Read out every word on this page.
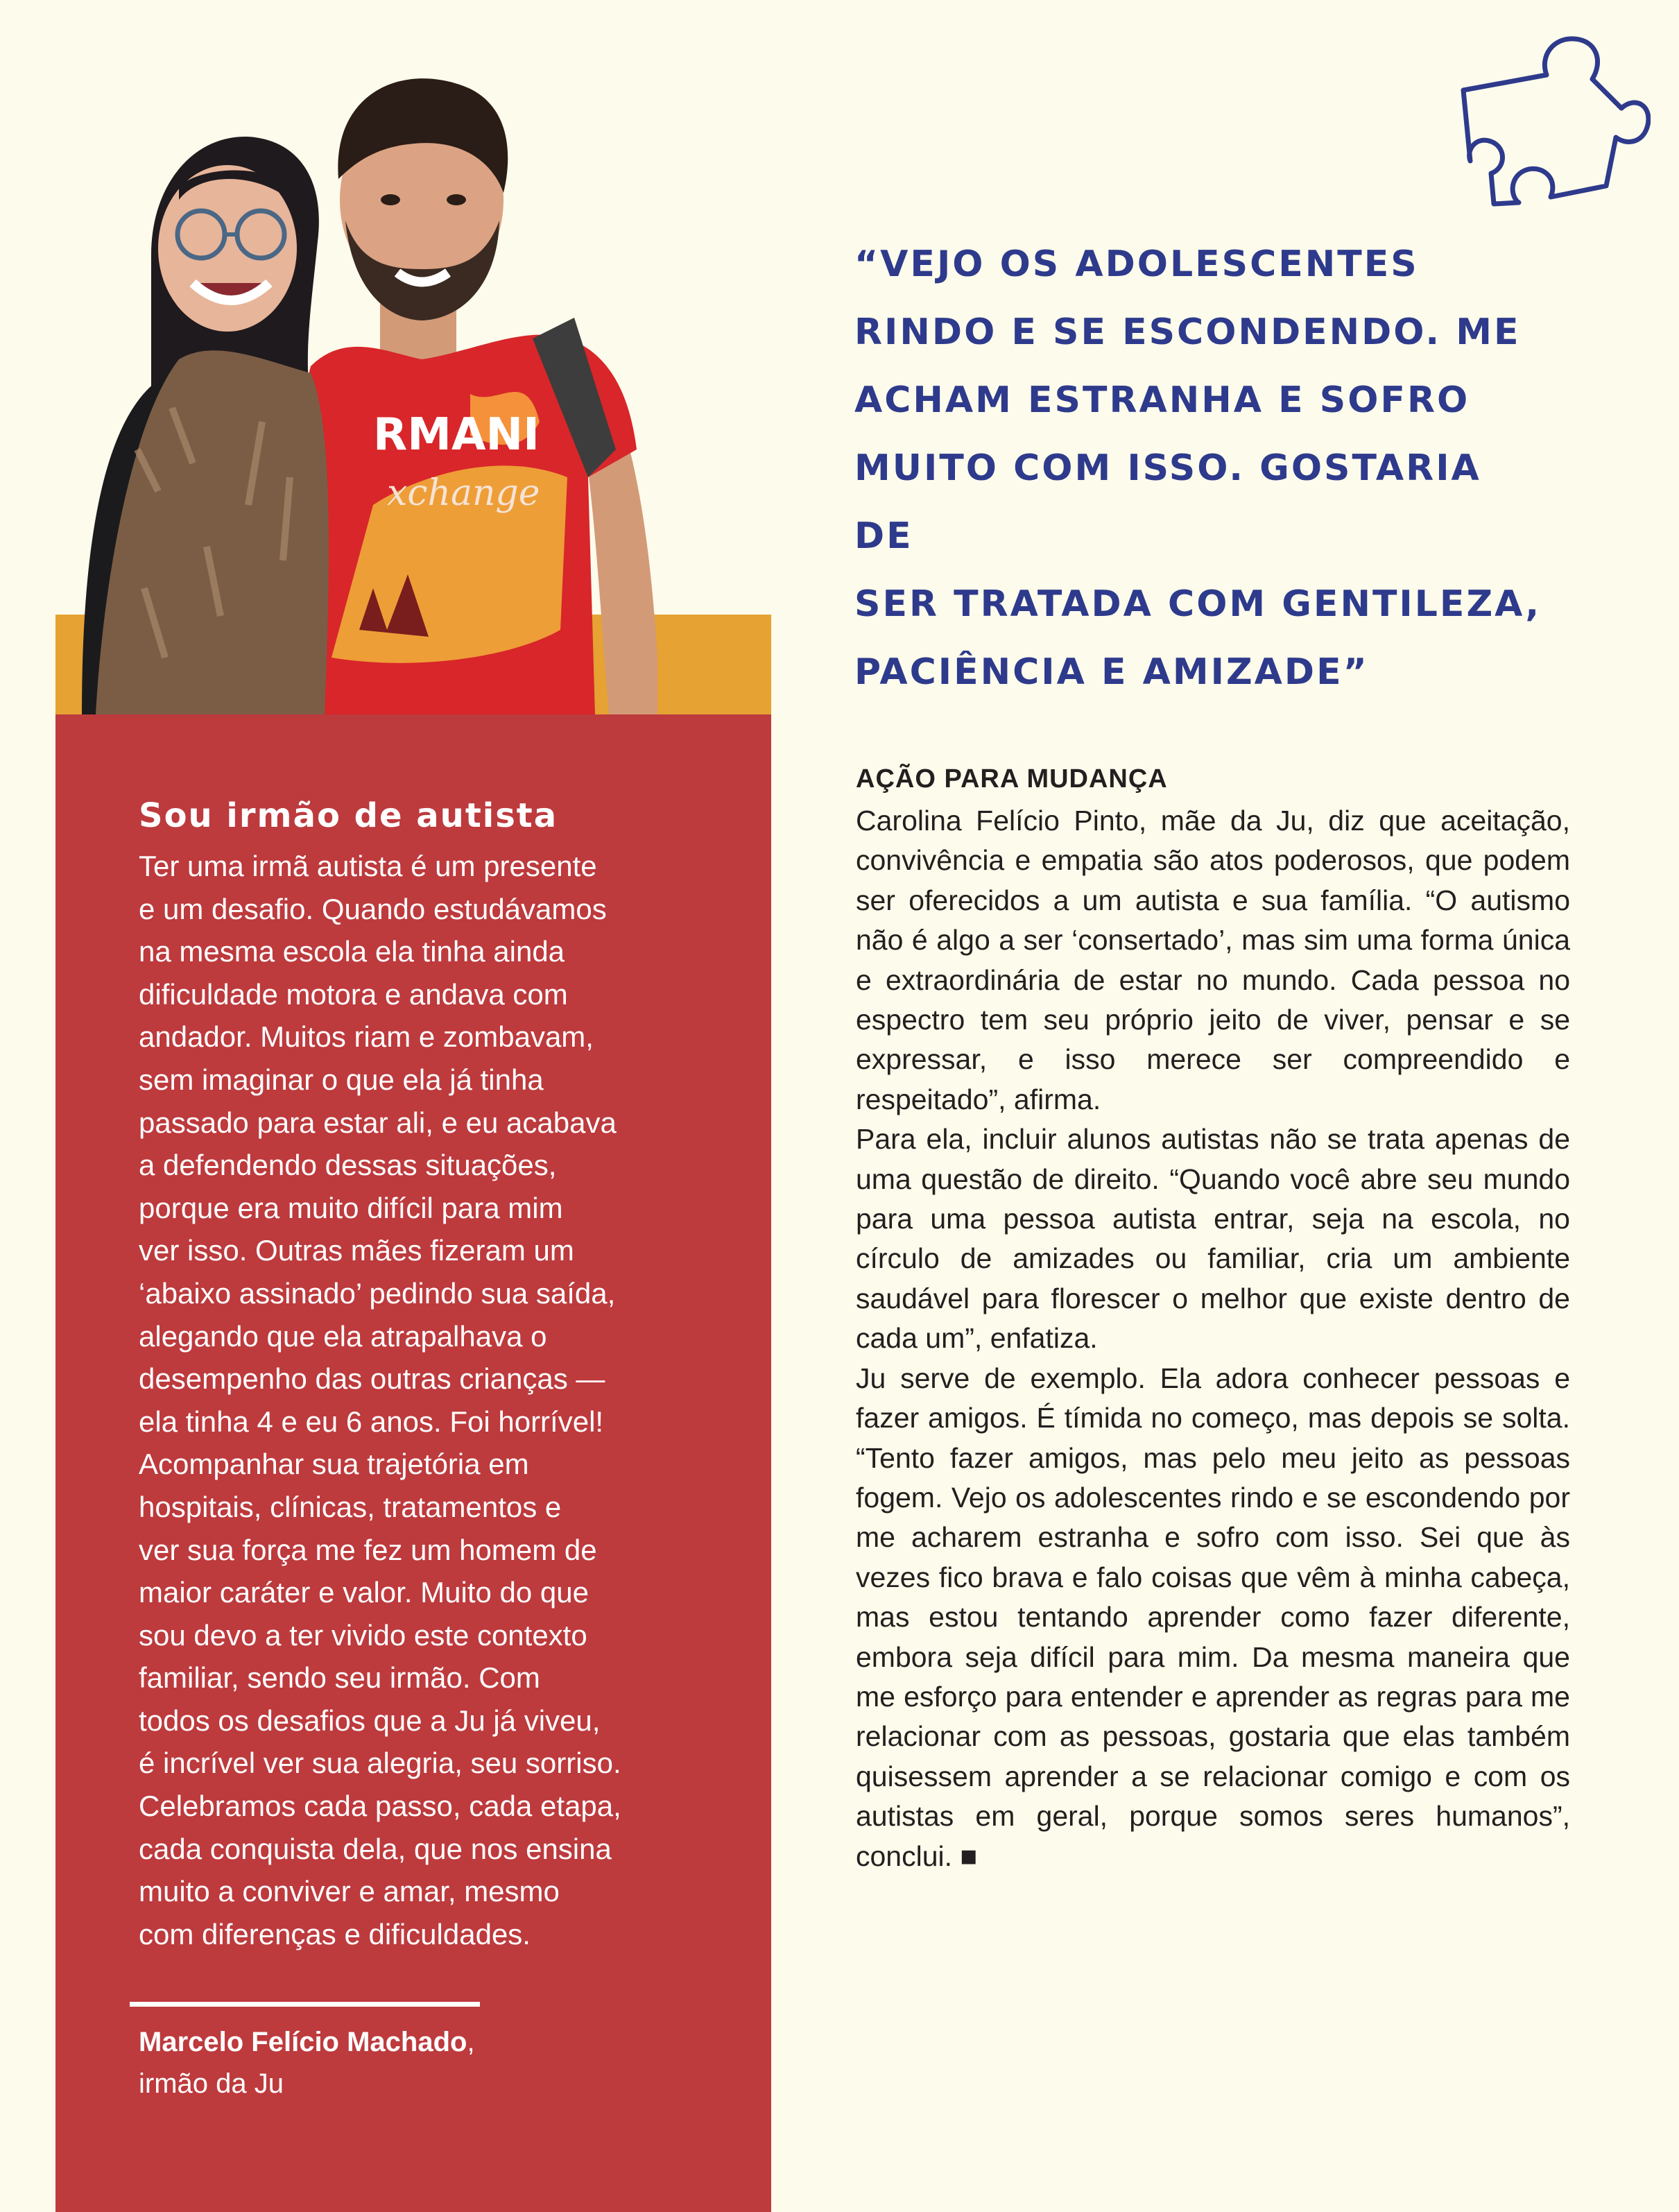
“VEJO OS ADOLESCENTES
RINDO E SE ESCONDENDO. ME
ACHAM ESTRANHA E SOFRO
MUITO COM ISSO. GOSTARIA DE
SER TRATADA COM GENTILEZA,
PACIÊNCIA E AMIZADE”
RMANI
xchange
Sou irmão de autista
Ter uma irmã autista é um presente
e um desafio. Quando estudávamos
na mesma escola ela tinha ainda
dificuldade motora e andava com
andador. Muitos riam e zombavam,
sem imaginar o que ela já tinha
passado para estar ali, e eu acabava
a defendendo dessas situações,
porque era muito difícil para mim
ver isso. Outras mães fizeram um
‘abaixo assinado’ pedindo sua saída,
alegando que ela atrapalhava o
desempenho das outras crianças —
ela tinha 4 e eu 6 anos. Foi horrível!
Acompanhar sua trajetória em
hospitais, clínicas, tratamentos e
ver sua força me fez um homem de
maior caráter e valor. Muito do que
sou devo a ter vivido este contexto
familiar, sendo seu irmão. Com
todos os desafios que a Ju já viveu,
é incrível ver sua alegria, seu sorriso.
Celebramos cada passo, cada etapa,
cada conquista dela, que nos ensina
muito a conviver e amar, mesmo
com diferenças e dificuldades.
Marcelo Felício Machado,
irmão da Ju
AÇÃO PARA MUDANÇA

Carolina Felício Pinto, mãe da Ju, diz que aceitação, convivência e empatia são atos poderosos, que podem ser oferecidos a um autista e sua família. “O autismo não é algo a ser ‘consertado’, mas sim uma forma única e extraordinária de estar no mundo. Cada pessoa no espectro tem seu próprio jeito de viver, pensar e se expressar, e isso merece ser compreendido e respeitado”, afirma.

Para ela, incluir alunos autistas não se trata apenas de uma questão de direito. “Quando você abre seu mundo para uma pessoa autista entrar, seja na escola, no círculo de amizades ou familiar, cria um ambiente saudável para florescer o melhor que existe dentro de cada um”, enfatiza.

Ju serve de exemplo. Ela adora conhecer pessoas e fazer amigos. É tímida no começo, mas depois se solta. “Tento fazer amigos, mas pelo meu jeito as pessoas fogem. Vejo os adolescentes rindo e se escondendo por me acharem estranha e sofro com isso. Sei que às vezes fico brava e falo coisas que vêm à minha cabeça, mas estou tentando aprender como fazer diferente, embora seja difícil para mim. Da mesma maneira que me esforço para entender e aprender as regras para me relacionar com as pessoas, gostaria que elas também quisessem aprender a se relacionar comigo e com os autistas em geral, porque somos seres humanos”, conclui. ■
